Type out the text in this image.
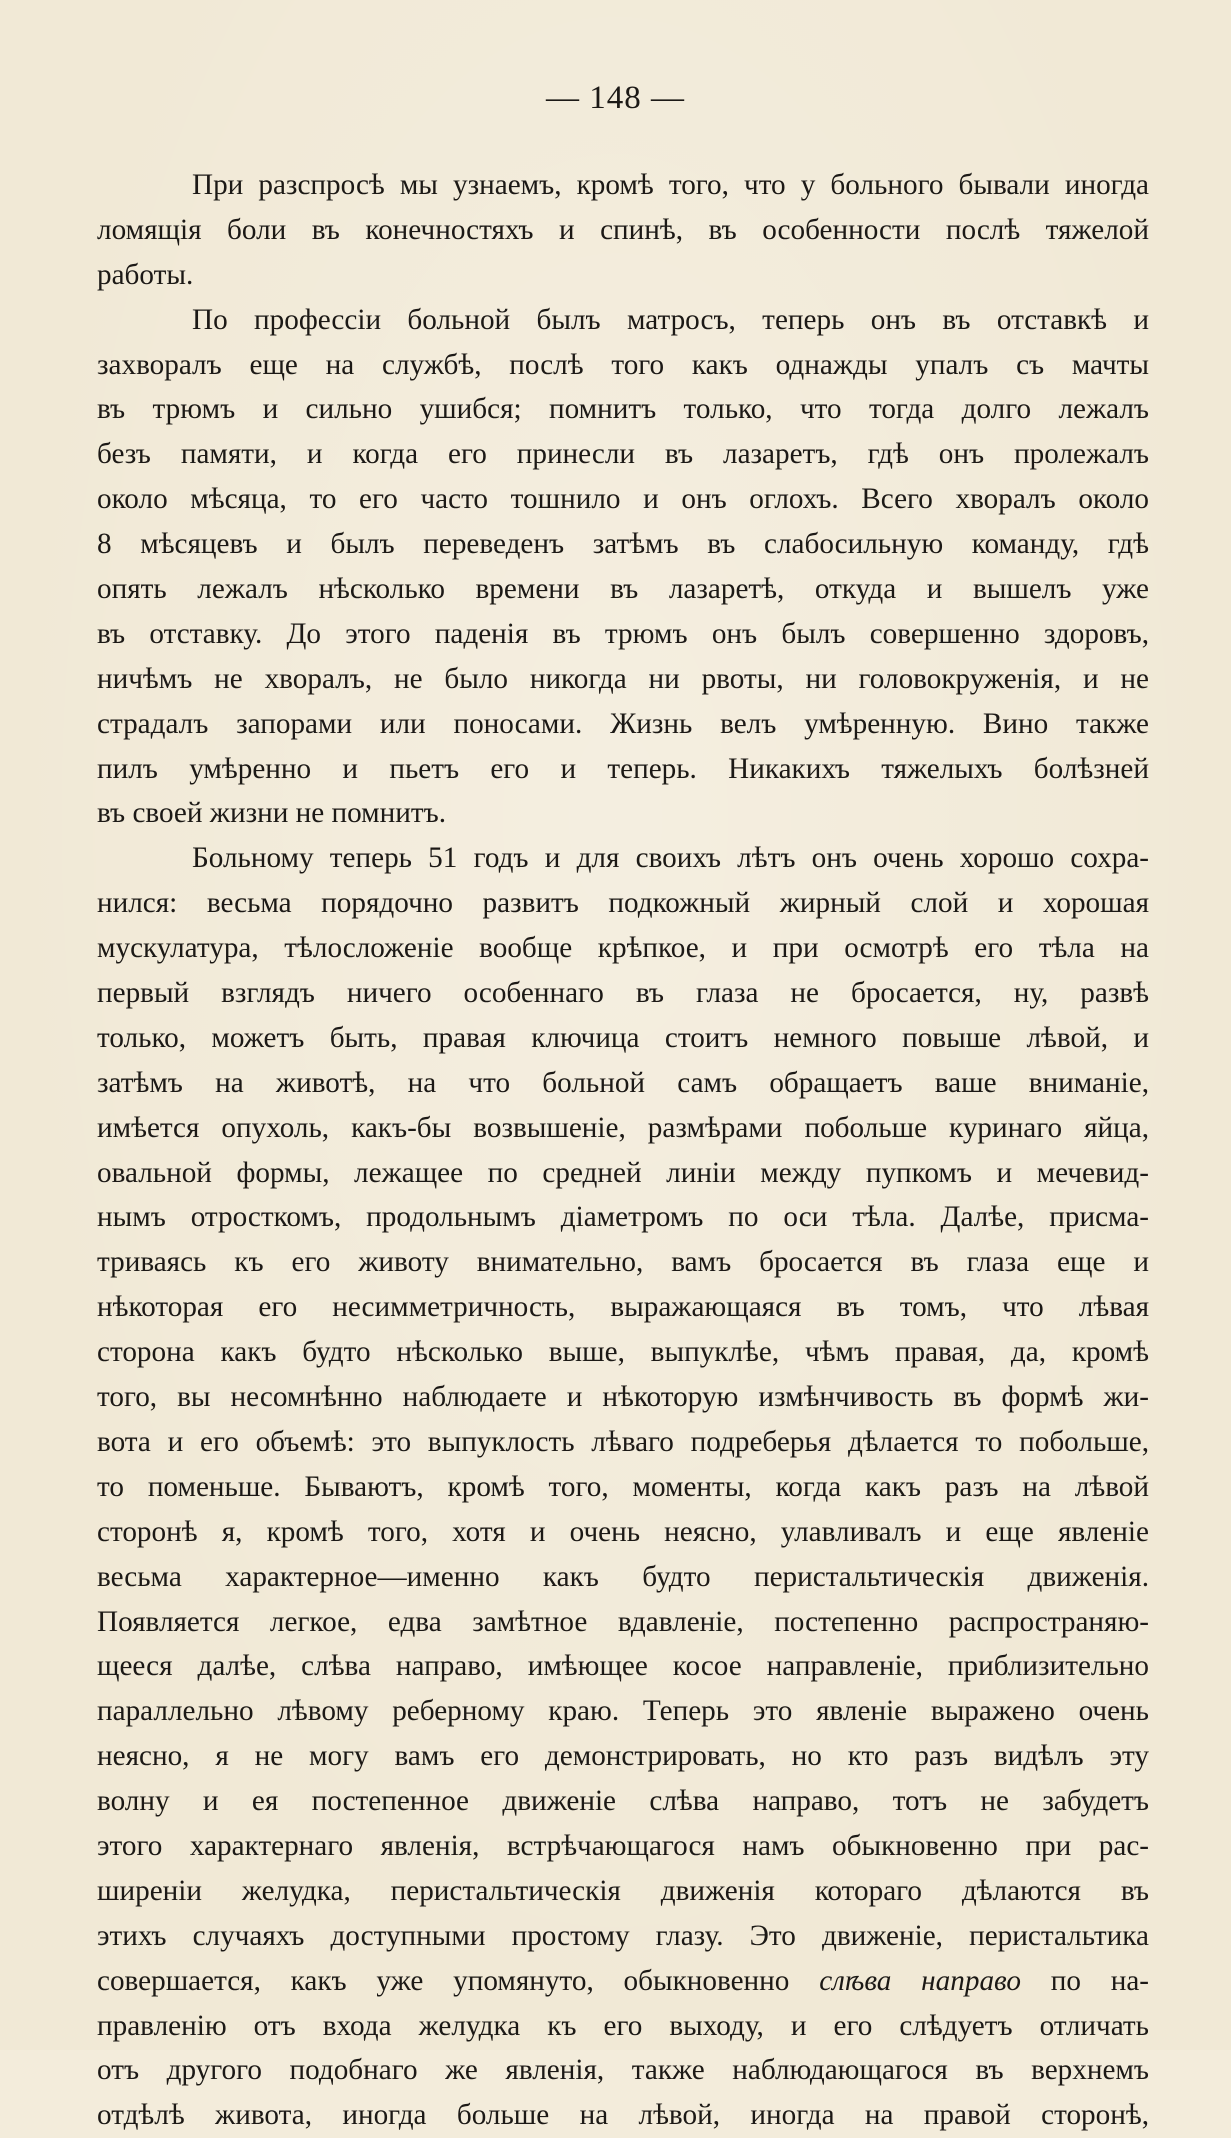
— 148 —
При разспросѣ мы узнаемъ, кромѣ того, что у больного бывали иногда
ломящія боли въ конечностяхъ и спинѣ, въ особенности послѣ тяжелой
работы.
По профессіи больной былъ матросъ, теперь онъ въ отставкѣ и
захворалъ еще на службѣ, послѣ того какъ однажды упалъ съ мачты
въ трюмъ и сильно ушибся; помнитъ только, что тогда долго лежалъ
безъ памяти, и когда его принесли въ лазаретъ, гдѣ онъ пролежалъ
около мѣсяца, то его часто тошнило и онъ оглохъ. Всего хворалъ около
8 мѣсяцевъ и былъ переведенъ затѣмъ въ слабосильную команду, гдѣ
опять лежалъ нѣсколько времени въ лазаретѣ, откуда и вышелъ уже
въ отставку. До этого паденія въ трюмъ онъ былъ совершенно здоровъ,
ничѣмъ не хворалъ, не было никогда ни рвоты, ни головокруженія, и не
страдалъ запорами или поносами. Жизнь велъ умѣренную. Вино также
пилъ умѣренно и пьетъ его и теперь. Никакихъ тяжелыхъ болѣзней
въ своей жизни не помнитъ.
Больному теперь 51 годъ и для своихъ лѣтъ онъ очень хорошо сохра-
нился: весьма порядочно развитъ подкожный жирный слой и хорошая
мускулатура, тѣлосложеніе вообще крѣпкое, и при осмотрѣ его тѣла на
первый взглядъ ничего особеннаго въ глаза не бросается, ну, развѣ
только, можетъ быть, правая ключица стоитъ немного повыше лѣвой, и
затѣмъ на животѣ, на что больной самъ обращаетъ ваше вниманіе,
имѣется опухоль, какъ-бы возвышеніе, размѣрами побольше куринаго яйца,
овальной формы, лежащее по средней линіи между пупкомъ и мечевид-
нымъ отросткомъ, продольнымъ діаметромъ по оси тѣла. Далѣе, присма-
триваясь къ его животу внимательно, вамъ бросается въ глаза еще и
нѣкоторая его несимметричность, выражающаяся въ томъ, что лѣвая
сторона какъ будто нѣсколько выше, выпуклѣе, чѣмъ правая, да, кромѣ
того, вы несомнѣнно наблюдаете и нѣкоторую измѣнчивость въ формѣ жи-
вота и его объемѣ: это выпуклость лѣваго подреберья дѣлается то побольше,
то поменьше. Бываютъ, кромѣ того, моменты, когда какъ разъ на лѣвой
сторонѣ я, кромѣ того, хотя и очень неясно, улавливалъ и еще явленіе
весьма характерное—именно какъ будто перистальтическія движенія.
Появляется легкое, едва замѣтное вдавленіе, постепенно распространяю-
щееся далѣе, слѣва направо, имѣющее косое направленіе, приблизительно
параллельно лѣвому реберному краю. Теперь это явленіе выражено очень
неясно, я не могу вамъ его демонстрировать, но кто разъ видѣлъ эту
волну и ея постепенное движеніе слѣва направо, тотъ не забудетъ
этого характернаго явленія, встрѣчающагося намъ обыкновенно при рас-
ширеніи желудка, перистальтическія движенія котораго дѣлаются въ
этихъ случаяхъ доступными простому глазу. Это движеніе, перистальтика
совершается, какъ уже упомянуто, обыкновенно слѣва направо по на-
правленію отъ входа желудка къ его выходу, и его слѣдуетъ отличать
отъ другого подобнаго же явленія, также наблюдающагося въ верхнемъ
отдѣлѣ живота, иногда больше на лѣвой, иногда на правой сторонѣ,
